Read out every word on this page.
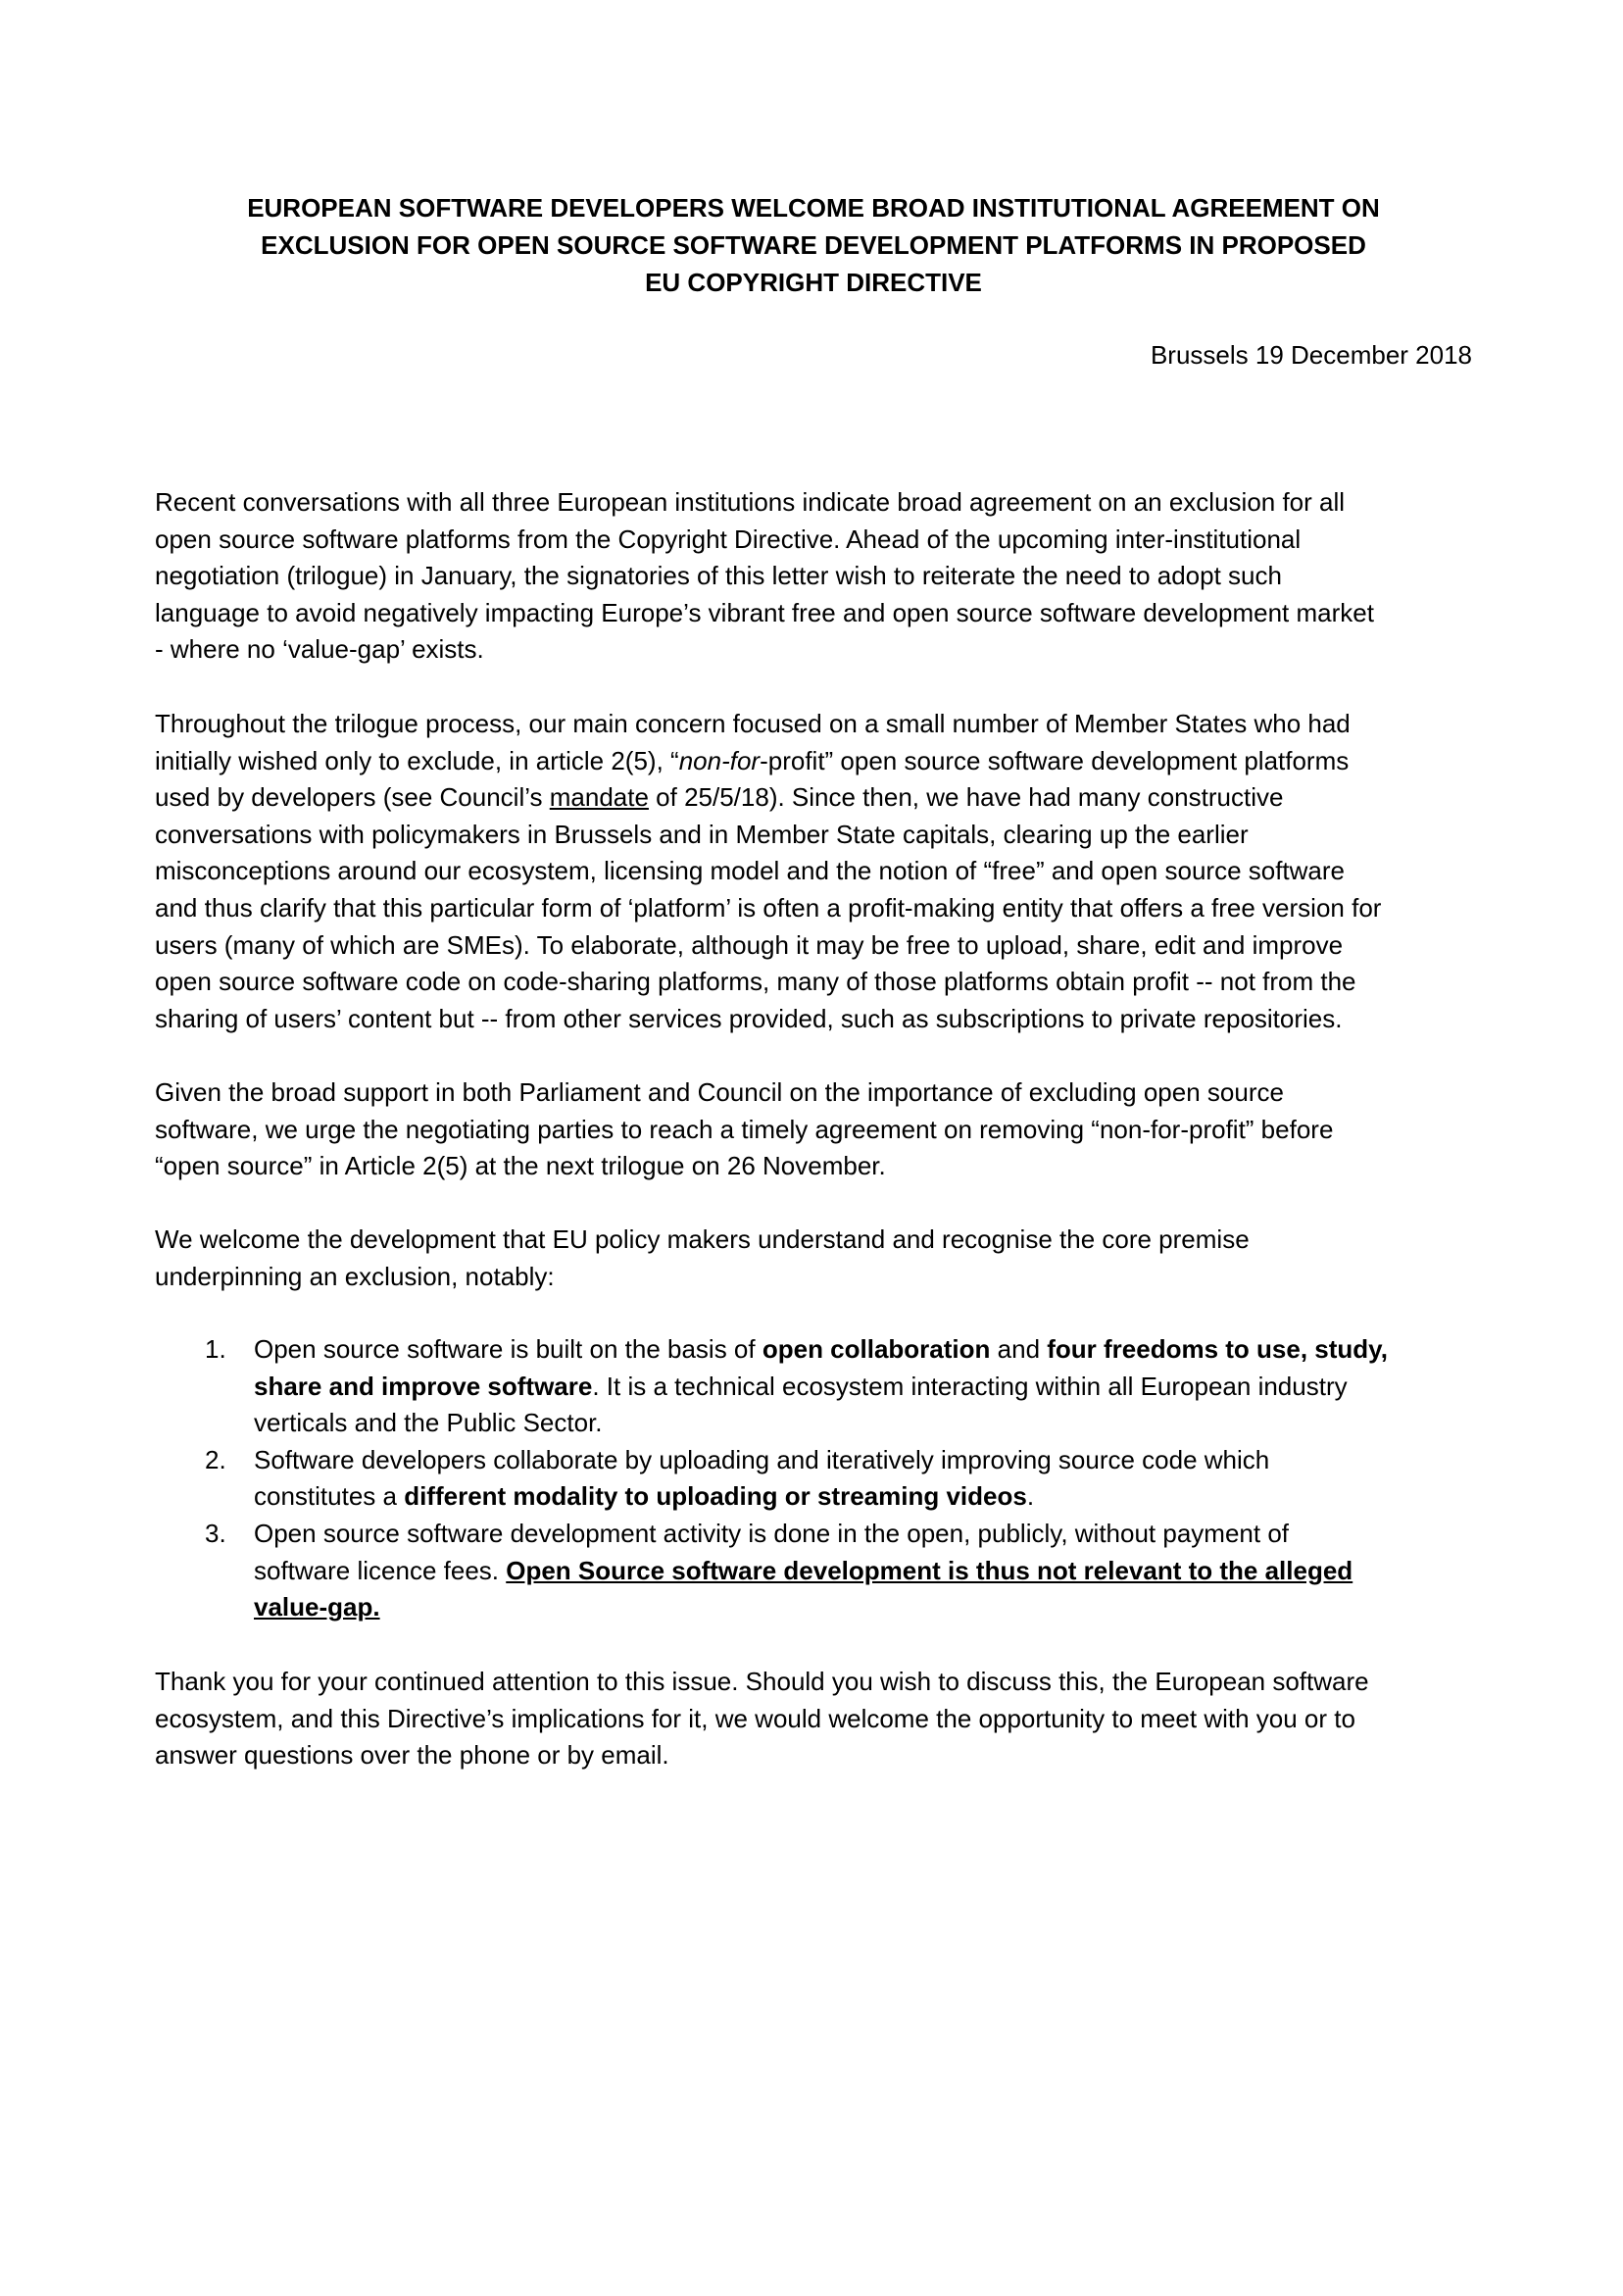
EUROPEAN SOFTWARE DEVELOPERS WELCOME BROAD INSTITUTIONAL AGREEMENT ON
EXCLUSION FOR OPEN SOURCE SOFTWARE DEVELOPMENT PLATFORMS IN PROPOSED
EU COPYRIGHT DIRECTIVE
Brussels 19 December 2018
Recent conversations with all three European institutions indicate broad agreement on an exclusion for all
open source software platforms from the Copyright Directive. Ahead of the upcoming inter-institutional
negotiation (trilogue) in January, the signatories of this letter wish to reiterate the need to adopt such
language to avoid negatively impacting Europe’s vibrant free and open source software development market
- where no ‘value-gap’ exists.
Throughout the trilogue process, our main concern focused on a small number of Member States who had
initially wished only to exclude, in article 2(5), “non-for-profit” open source software development platforms
used by developers (see Council’s mandate of 25/5/18). Since then, we have had many constructive
conversations with policymakers in Brussels and in Member State capitals, clearing up the earlier
misconceptions around our ecosystem, licensing model and the notion of “free” and open source software
and thus clarify that this particular form of ‘platform’ is often a profit-making entity that offers a free version for
users (many of which are SMEs). To elaborate, although it may be free to upload, share, edit and improve
open source software code on code-sharing platforms, many of those platforms obtain profit -- not from the
sharing of users’ content but -- from other services provided, such as subscriptions to private repositories.
Given the broad support in both Parliament and Council on the importance of excluding open source
software, we urge the negotiating parties to reach a timely agreement on removing “non-for-profit” before
“open source” in Article 2(5) at the next trilogue on 26 November.
We welcome the development that EU policy makers understand and recognise the core premise
underpinning an exclusion, notably:
1. Open source software is built on the basis of open collaboration and four freedoms to use, study,
share and improve software. It is a technical ecosystem interacting within all European industry
verticals and the Public Sector.
2. Software developers collaborate by uploading and iteratively improving source code which
constitutes a different modality to uploading or streaming videos.
3. Open source software development activity is done in the open, publicly, without payment of
software licence fees. Open Source software development is thus not relevant to the alleged
value-gap.
Thank you for your continued attention to this issue. Should you wish to discuss this, the European software
ecosystem, and this Directive’s implications for it, we would welcome the opportunity to meet with you or to
answer questions over the phone or by email.
